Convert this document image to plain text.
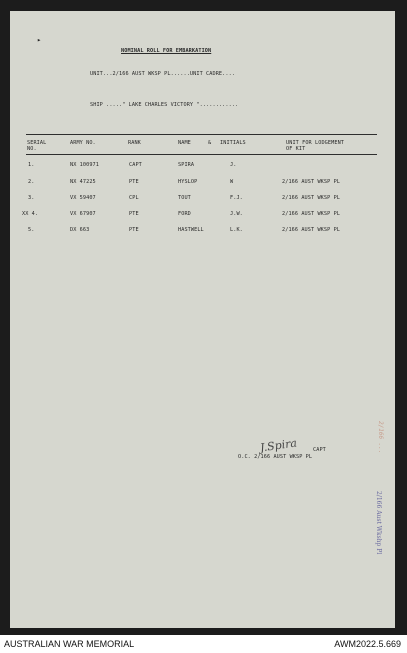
▸
NOMINAL ROLL FOR EMBARKATION
UNIT...2/166 AUST WKSP PL......UNIT CADRE....
SHIP ....." LAKE CHARLES VICTORY "............
SERIAL
NO.
ARMY NO.	RANK	NAME	& INITIALS	UNIT FOR LODGEMENT
OF KIT
1.	NX 100971	CAPT	SPIRA	J.
2.	NX 47225	PTE	HYSLOP	W	2/166 AUST WKSP PL
3.	VX 59407	CPL	TOUT	F.J.	2/166 AUST WKSP PL
XX 4.	VX 67907	PTE	FORD	J.W.	2/166 AUST WKSP PL
5.	DX 663	PTE	HASTWELL	L.K.	2/166 AUST WKSP PL
J.Spira	CAPT
O.C. 2/166 AUST WKSP PL
2/166 ...
2/166 Aust Wkshp Pl
AUSTRALIAN WAR MEMORIAL	AWM2022.5.669
